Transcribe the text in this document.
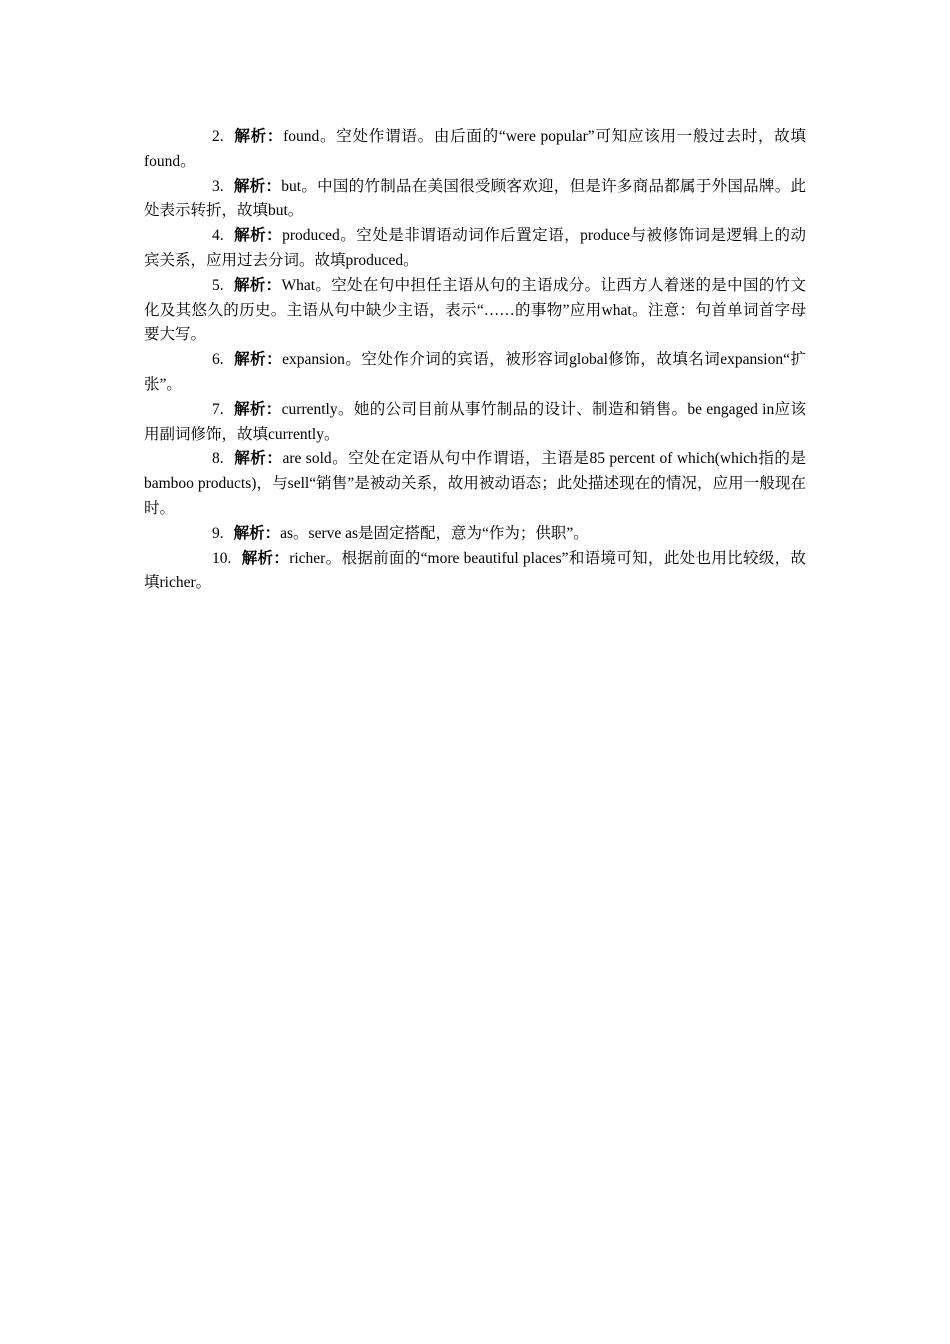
2. 解析：found。空处作谓语。由后面的“were popular”可知应该用一般过去时，故填found。

3. 解析：but。中国的竹制品在美国很受顾客欢迎，但是许多商品都属于外国品牌。此处表示转折，故填but。

4. 解析：produced。空处是非谓语动词作后置定语，produce与被修饰词是逻辑上的动宾关系，应用过去分词。故填produced。

5. 解析：What。空处在句中担任主语从句的主语成分。让西方人着迷的是中国的竹文化及其悠久的历史。主语从句中缺少主语，表示“……的事物”应用what。注意：句首单词首字母要大写。

6. 解析：expansion。空处作介词的宾语，被形容词global修饰，故填名词expansion“扩张”。

7. 解析：currently。她的公司目前从事竹制品的设计、制造和销售。be engaged in应该用副词修饰，故填currently。

8. 解析：are sold。空处在定语从句中作谓语，主语是85 percent of which(which指的是bamboo products)，与sell“销售”是被动关系，故用被动语态；此处描述现在的情况，应用一般现在时。

9. 解析：as。serve as是固定搭配，意为“作为；供职”。

10. 解析：richer。根据前面的“more beautiful places”和语境可知，此处也用比较级，故填richer。
